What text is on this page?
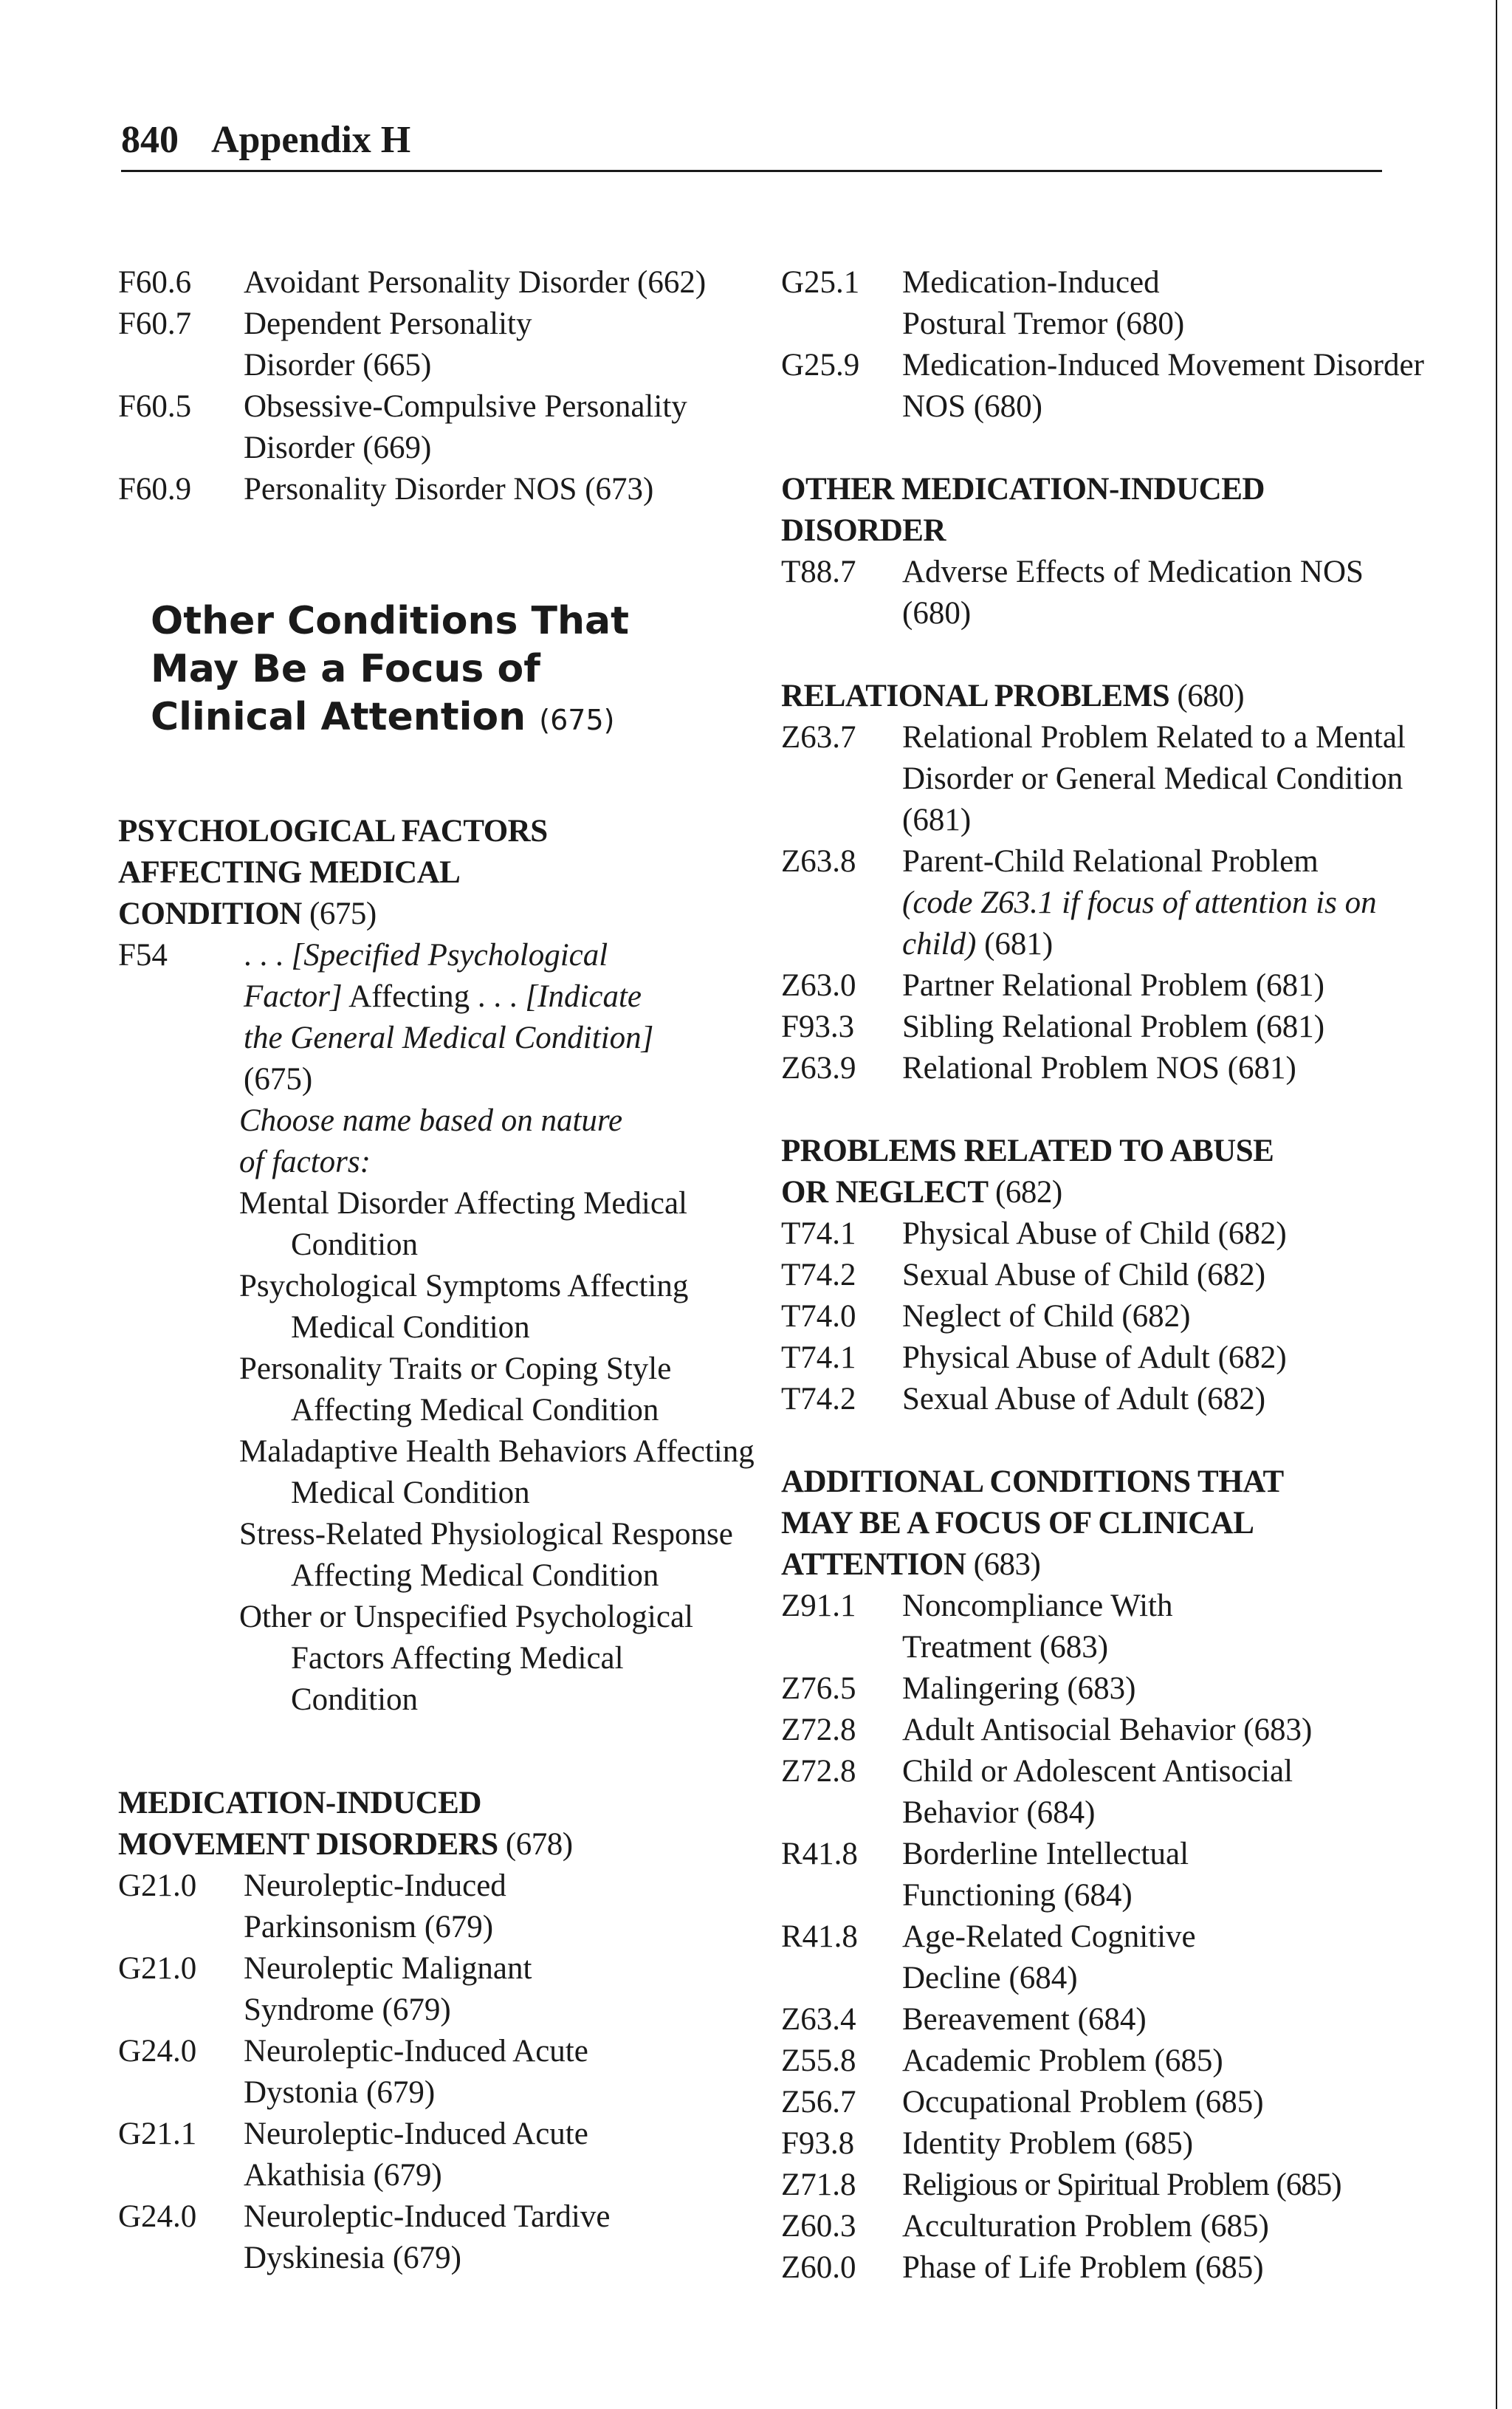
840 Appendix H
F60.6	Avoidant Personality Disorder (662)
F60.7	Dependent Personality Disorder (665)
F60.5	Obsessive-Compulsive Personality Disorder (669)
F60.9	Personality Disorder NOS (673)
Other Conditions That May Be a Focus of Clinical Attention (675)
PSYCHOLOGICAL FACTORS AFFECTING MEDICAL CONDITION (675)
F54	. . . [Specified Psychological Factor] Affecting . . . [Indicate the General Medical Condition] (675)
Choose name based on nature of factors:
Mental Disorder Affecting Medical Condition
Psychological Symptoms Affecting Medical Condition
Personality Traits or Coping Style Affecting Medical Condition
Maladaptive Health Behaviors Affecting Medical Condition
Stress-Related Physiological Response Affecting Medical Condition
Other or Unspecified Psychological Factors Affecting Medical Condition
MEDICATION-INDUCED MOVEMENT DISORDERS (678)
G21.0	Neuroleptic-Induced Parkinsonism (679)
G21.0	Neuroleptic Malignant Syndrome (679)
G24.0	Neuroleptic-Induced Acute Dystonia (679)
G21.1	Neuroleptic-Induced Acute Akathisia (679)
G24.0	Neuroleptic-Induced Tardive Dyskinesia (679)
G25.1	Medication-Induced Postural Tremor (680)
G25.9	Medication-Induced Movement Disorder NOS (680)
OTHER MEDICATION-INDUCED DISORDER
T88.7	Adverse Effects of Medication NOS (680)
RELATIONAL PROBLEMS (680)
Z63.7	Relational Problem Related to a Mental Disorder or General Medical Condition (681)
Z63.8	Parent-Child Relational Problem
(code Z63.1 if focus of attention is on child) (681)
Z63.0	Partner Relational Problem (681)
F93.3	Sibling Relational Problem (681)
Z63.9	Relational Problem NOS (681)
PROBLEMS RELATED TO ABUSE OR NEGLECT (682)
T74.1	Physical Abuse of Child (682)
T74.2	Sexual Abuse of Child (682)
T74.0	Neglect of Child (682)
T74.1	Physical Abuse of Adult (682)
T74.2	Sexual Abuse of Adult (682)
ADDITIONAL CONDITIONS THAT MAY BE A FOCUS OF CLINICAL ATTENTION (683)
Z91.1	Noncompliance With Treatment (683)
Z76.5	Malingering (683)
Z72.8	Adult Antisocial Behavior (683)
Z72.8	Child or Adolescent Antisocial Behavior (684)
R41.8	Borderline Intellectual Functioning (684)
R41.8	Age-Related Cognitive Decline (684)
Z63.4	Bereavement (684)
Z55.8	Academic Problem (685)
Z56.7	Occupational Problem (685)
F93.8	Identity Problem (685)
Z71.8	Religious or Spiritual Problem (685)
Z60.3	Acculturation Problem (685)
Z60.0	Phase of Life Problem (685)
